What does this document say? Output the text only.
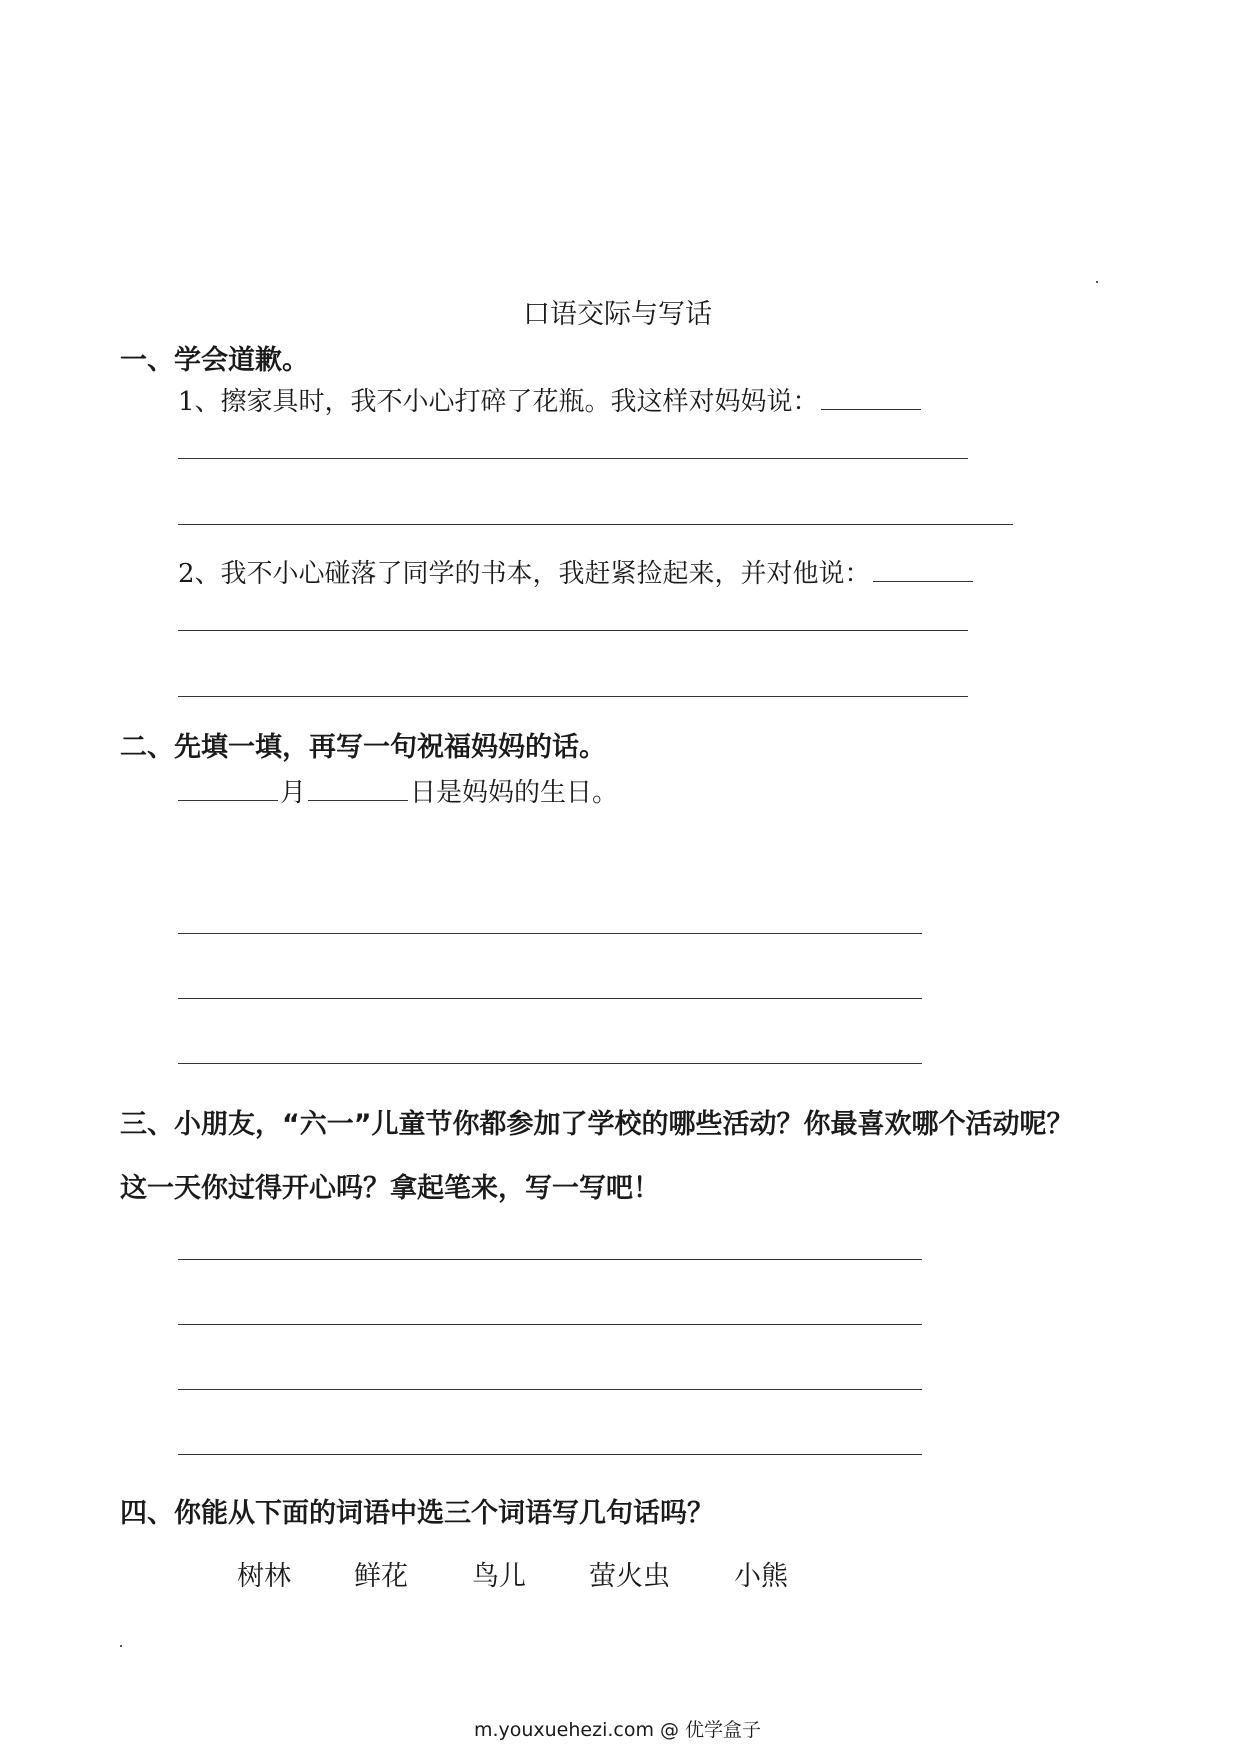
口语交际与写话
一、学会道歉。
1、擦家具时，我不小心打碎了花瓶。我这样对妈妈说：
2、我不小心碰落了同学的书本，我赶紧捡起来，并对他说：
二、先填一填，再写一句祝福妈妈的话。
月	日是妈妈的生日。
三、小朋友，“六一”儿童节你都参加了学校的哪些活动？你最喜欢哪个活动呢？
这一天你过得开心吗？拿起笔来，写一写吧！
四、你能从下面的词语中选三个词语写几句话吗？
树林 鲜花 鸟儿 萤火虫 小熊
m.youxuehezi.com @ 优学盒子
